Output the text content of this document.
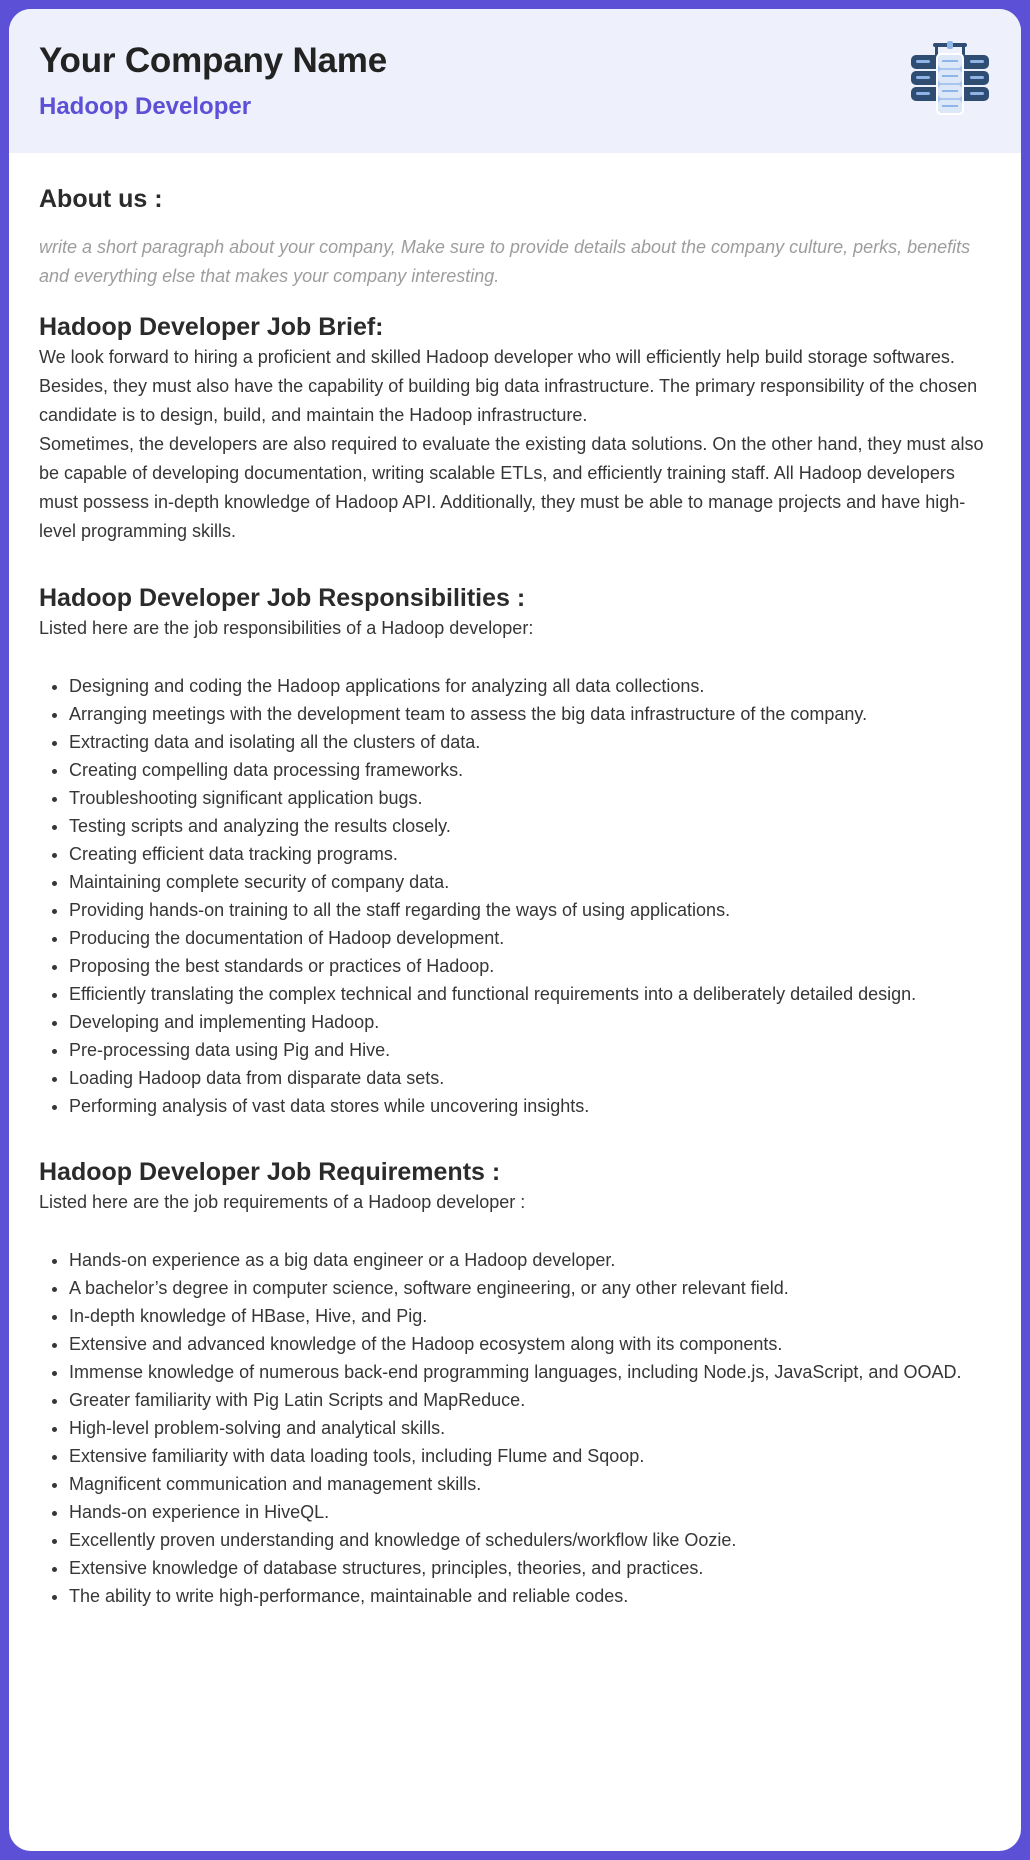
Your Company Name
Hadoop Developer
About us :

write a short paragraph about your company, Make sure to provide details about the company culture, perks, benefits and everything else that makes your company interesting.

Hadoop Developer Job Brief:

We look forward to hiring a proficient and skilled Hadoop developer who will efficiently help build storage softwares. Besides, they must also have the capability of building big data infrastructure. The primary responsibility of the chosen candidate is to design, build, and maintain the Hadoop infrastructure.

Sometimes, the developers are also required to evaluate the existing data solutions. On the other hand, they must also be capable of developing documentation, writing scalable ETLs, and efficiently training staff. All Hadoop developers must possess in-depth knowledge of Hadoop API. Additionally, they must be able to manage projects and have high-level programming skills.

Hadoop Developer Job Responsibilities :

Listed here are the job responsibilities of a Hadoop developer:

• Designing and coding the Hadoop applications for analyzing all data collections.
• Arranging meetings with the development team to assess the big data infrastructure of the company.
• Extracting data and isolating all the clusters of data.
• Creating compelling data processing frameworks.
• Troubleshooting significant application bugs.
• Testing scripts and analyzing the results closely.
• Creating efficient data tracking programs.
• Maintaining complete security of company data.
• Providing hands-on training to all the staff regarding the ways of using applications.
• Producing the documentation of Hadoop development.
• Proposing the best standards or practices of Hadoop.
• Efficiently translating the complex technical and functional requirements into a deliberately detailed design.
• Developing and implementing Hadoop.
• Pre-processing data using Pig and Hive.
• Loading Hadoop data from disparate data sets.
• Performing analysis of vast data stores while uncovering insights.
Hadoop Developer Job Requirements :

Listed here are the job requirements of a Hadoop developer :

• Hands-on experience as a big data engineer or a Hadoop developer.
• A bachelor’s degree in computer science, software engineering, or any other relevant field.
• In-depth knowledge of HBase, Hive, and Pig.
• Extensive and advanced knowledge of the Hadoop ecosystem along with its components.
• Immense knowledge of numerous back-end programming languages, including Node.js, JavaScript, and OOAD.
• Greater familiarity with Pig Latin Scripts and MapReduce.
• High-level problem-solving and analytical skills.
• Extensive familiarity with data loading tools, including Flume and Sqoop.
• Magnificent communication and management skills.
• Hands-on experience in HiveQL.
• Excellently proven understanding and knowledge of schedulers/workflow like Oozie.
• Extensive knowledge of database structures, principles, theories, and practices.
• The ability to write high-performance, maintainable and reliable codes.
